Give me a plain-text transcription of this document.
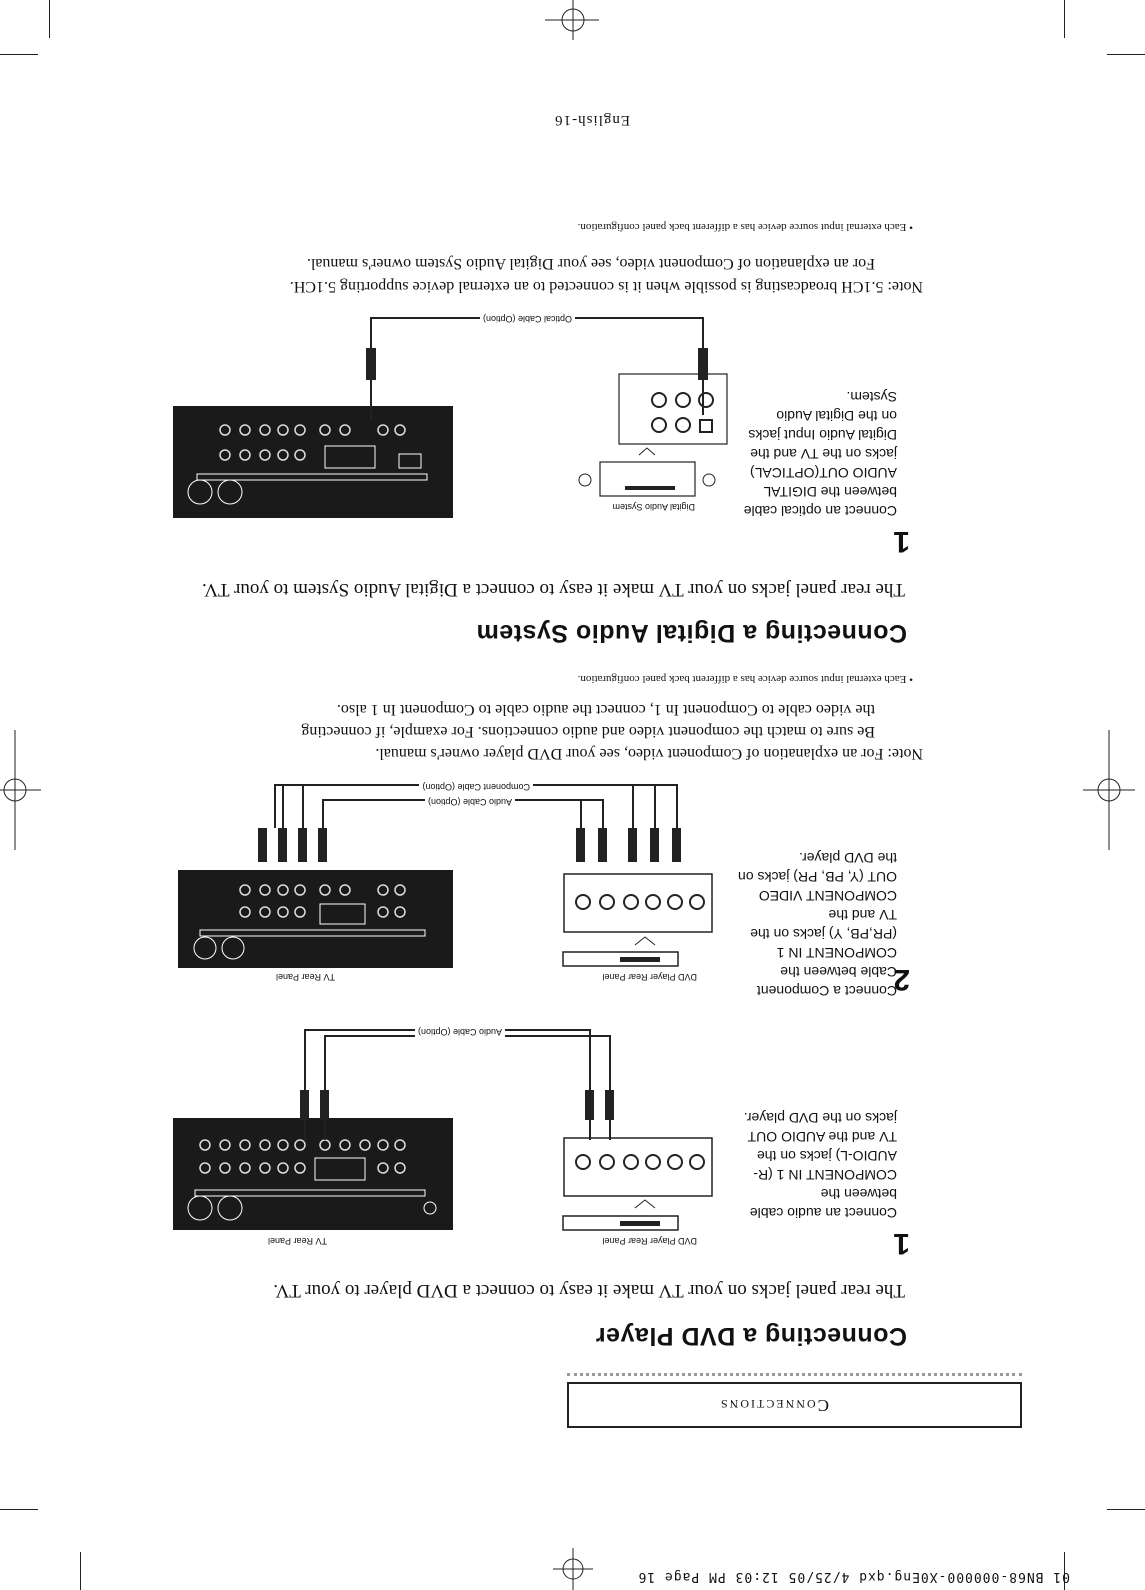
01 BN68-000000-X0Eng.qxd 4/25/05 12:03 PM Page 16
Connections
Connecting a DVD Player

The rear panel jacks on your TV make it easy to connect a DVD player to your TV.

1
Connect an audio cable between the COMPONENT IN 1 (R-AUDIO-L) jacks on the TV and the AUDIO OUT jacks on the DVD player.
DVD Player Rear Panel
TV Rear Panel
Audio Cable (Option)
2
Connect a Component Cable between the COMPONENT IN 1 (PR,PB, Y) jacks on the TV and the COMPONENT VIDEO OUT (Y, PB, PR) jacks on the DVD player.
DVD Player Rear Panel
TV Rear Panel
Component Cable (Option)
Audio Cable (Option)
Note: For an explanation of Component video, see your DVD player owner's manual.
Be sure to match the component video and audio connections. For example, if connecting
the video cable to Component In 1, connect the audio cable to Component In 1 also.
• Each external input source device has a different back panel configuration.
Connecting a Digital Audio System

The rear panel jacks on your TV make it easy to connect a Digital Audio System to your TV.

1
Connect an optical cable between the DIGITAL AUDIO OUT(OPTICAL) jacks on the TV and the Digital Audio Input jacks on the Digital Audio System.
Digital Audio System
Optical Cable (Option)
Note: 5.1CH broadcasting is possible when it is connected to an external device supporting 5.1CH.
For an explanation of Component video, see your Digital Audio System owner's manual.
• Each external input source device has a different back panel configuration.
English-16
